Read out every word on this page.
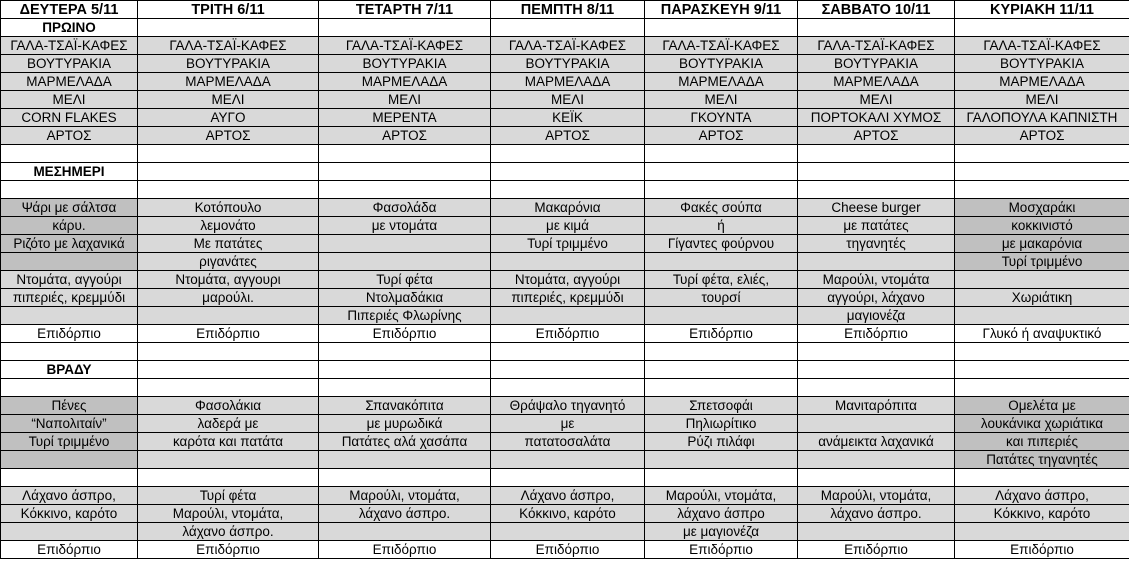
ΔΕΥΤΕΡΑ 5/11	ΤΡΙΤΗ 6/11	ΤΕΤΑΡΤΗ 7/11	ΠΕΜΠΤΗ 8/11	ΠΑΡΑΣΚΕΥΗ 9/11	ΣΑΒΒΑΤΟ 10/11	ΚΥΡΙΑΚΗ 11/11
ΠΡΩΙΝΟ						
ΓΑΛΑ-ΤΣΑΪ-ΚΑΦΕΣ	ΓΑΛΑ-ΤΣΑΪ-ΚΑΦΕΣ	ΓΑΛΑ-ΤΣΑΪ-ΚΑΦΕΣ	ΓΑΛΑ-ΤΣΑΪ-ΚΑΦΕΣ	ΓΑΛΑ-ΤΣΑΪ-ΚΑΦΕΣ	ΓΑΛΑ-ΤΣΑΪ-ΚΑΦΕΣ	ΓΑΛΑ-ΤΣΑΪ-ΚΑΦΕΣ
ΒΟΥΤΥΡΑΚΙΑ	ΒΟΥΤΥΡΑΚΙΑ	ΒΟΥΤΥΡΑΚΙΑ	ΒΟΥΤΥΡΑΚΙΑ	ΒΟΥΤΥΡΑΚΙΑ	ΒΟΥΤΥΡΑΚΙΑ	ΒΟΥΤΥΡΑΚΙΑ
ΜΑΡΜΕΛΑΔΑ	ΜΑΡΜΕΛΑΔΑ	ΜΑΡΜΕΛΑΔΑ	ΜΑΡΜΕΛΑΔΑ	ΜΑΡΜΕΛΑΔΑ	ΜΑΡΜΕΛΑΔΑ	ΜΑΡΜΕΛΑΔΑ
ΜΕΛΙ	ΜΕΛΙ	ΜΕΛΙ	ΜΕΛΙ	ΜΕΛΙ	ΜΕΛΙ	ΜΕΛΙ
CORN FLAKES	ΑΥΓΟ	ΜΕΡΕΝΤΑ	ΚΕΪΚ	ΓΚΟΥΝΤΑ	ΠΟΡΤΟΚΑΛΙ ΧΥΜΟΣ	ΓΑΛΟΠΟΥΛΑ ΚΑΠΝΙΣΤΗ
ΑΡΤΟΣ	ΑΡΤΟΣ	ΑΡΤΟΣ	ΑΡΤΟΣ	ΑΡΤΟΣ	ΑΡΤΟΣ	ΑΡΤΟΣ

ΜΕΣΗΜΕΡΙ						

Ψάρι με σάλτσα	Κοτόπουλο	Φασολάδα	Μακαρόνια	Φακές σούπα	Cheese burger	Μοσχαράκι
κάρυ.	λεμονάτο	με ντομάτα	με κιμά	ή	με πατάτες	κοκκινιστό
Ριζότο με λαχανικά	Με πατάτες		Τυρί τριμμένο	Γίγαντες φούρνου	τηγανητές	με μακαρόνια
	ριγανάτες					Τυρί τριμμένο
Ντομάτα, αγγούρι	Ντομάτα, αγγουρι	Τυρί φέτα	Ντομάτα, αγγούρι	Τυρί φέτα, ελιές,	Μαρούλι, ντομάτα	
πιπεριές, κρεμμύδι	μαρούλι.	Ντολμαδάκια	πιπεριές, κρεμμύδι	τουρσί	αγγούρι, λάχανο	Χωριάτικη
		Πιπεριές Φλωρίνης			μαγιονέζα	
Επιδόρπιο	Επιδόρπιο	Επιδόρπιο	Επιδόρπιο	Επιδόρπιο	Επιδόρπιο	Γλυκό ή αναψυκτικό

ΒΡΑΔΥ						

Πένες	Φασολάκια	Σπανακόπιτα	Θράψαλο τηγανητό	Σπετσοφάι	Μανιταρόπιτα	Ομελέτα με
“Ναπολιταίν”	λαδερά με	με μυρωδικά	με	Πηλιωρίτικο		λουκάνικα χωριάτικα
Τυρί τριμμένο	καρότα και πατάτα	Πατάτες αλά χασάπα	πατατοσαλάτα	Ρύζι πιλάφι	ανάμεικτα λαχανικά	και πιπεριές
						Πατάτες τηγανητές

Λάχανο άσπρο,	Τυρί φέτα	Μαρούλι, ντομάτα,	Λάχανο άσπρο,	Μαρούλι, ντομάτα,	Μαρούλι, ντομάτα,	Λάχανο άσπρο,
Κόκκινο, καρότο	Μαρούλι, ντομάτα,	λάχανο άσπρο.	Κόκκινο, καρότο	λάχανο άσπρο	λάχανο άσπρο.	Κόκκινο, καρότο
	λάχανο άσπρο.			με μαγιονέζα		
Επιδόρπιο	Επιδόρπιο	Επιδόρπιο	Επιδόρπιο	Επιδόρπιο	Επιδόρπιο	Επιδόρπιο
